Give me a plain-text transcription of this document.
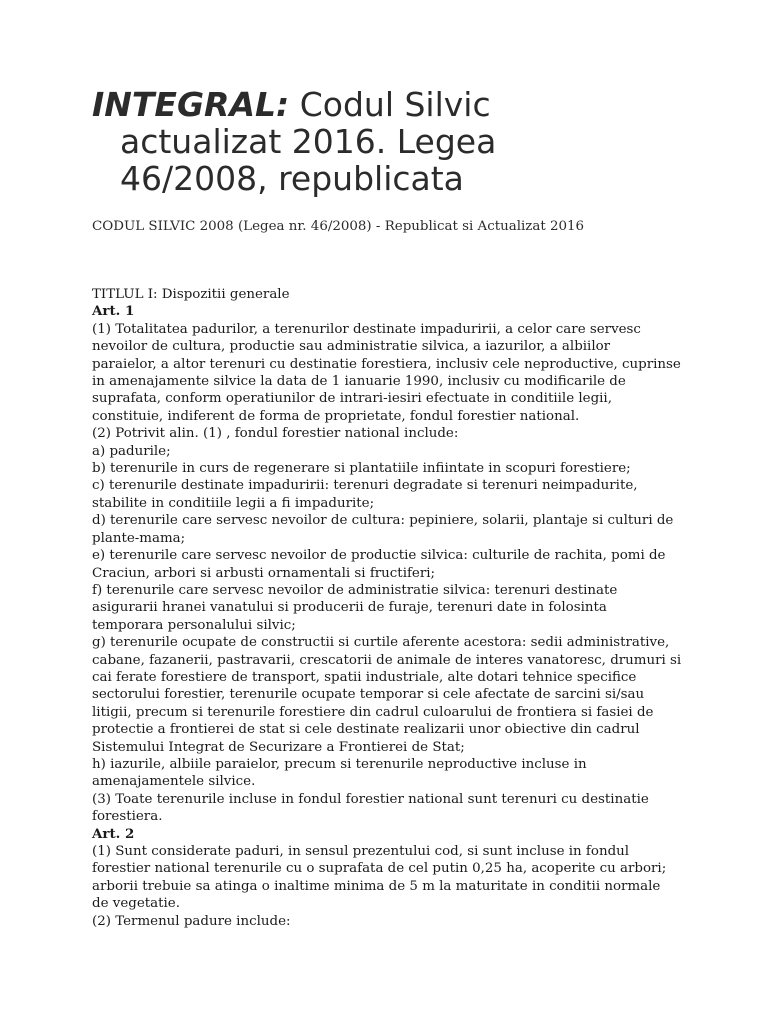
INTEGRAL: Codul Silvic actualizat 2016. Legea 46/2008, republicata

CODUL SILVIC 2008 (Legea nr. 46/2008) - Republicat si Actualizat 2016

TITLUL I: Dispozitii generale
Art. 1
(1) Totalitatea padurilor, a terenurilor destinate impaduririi, a celor care servesc
nevoilor de cultura, productie sau administratie silvica, a iazurilor, a albiilor
paraielor, a altor terenuri cu destinatie forestiera, inclusiv cele neproductive, cuprinse
in amenajamente silvice la data de 1 ianuarie 1990, inclusiv cu modificarile de
suprafata, conform operatiunilor de intrari-iesiri efectuate in conditiile legii,
constituie, indiferent de forma de proprietate, fondul forestier national.
(2) Potrivit alin. (1) , fondul forestier national include:
a) padurile;
b) terenurile in curs de regenerare si plantatiile infiintate in scopuri forestiere;
c) terenurile destinate impaduririi: terenuri degradate si terenuri neimpadurite,
stabilite in conditiile legii a fi impadurite;
d) terenurile care servesc nevoilor de cultura: pepiniere, solarii, plantaje si culturi de
plante-mama;
e) terenurile care servesc nevoilor de productie silvica: culturile de rachita, pomi de
Craciun, arbori si arbusti ornamentali si fructiferi;
f) terenurile care servesc nevoilor de administratie silvica: terenuri destinate
asigurarii hranei vanatului si producerii de furaje, terenuri date in folosinta
temporara personalului silvic;
g) terenurile ocupate de constructii si curtile aferente acestora: sedii administrative,
cabane, fazanerii, pastravarii, crescatorii de animale de interes vanatoresc, drumuri si
cai ferate forestiere de transport, spatii industriale, alte dotari tehnice specifice
sectorului forestier, terenurile ocupate temporar si cele afectate de sarcini si/sau
litigii, precum si terenurile forestiere din cadrul culoarului de frontiera si fasiei de
protectie a frontierei de stat si cele destinate realizarii unor obiective din cadrul
Sistemului Integrat de Securizare a Frontierei de Stat;
h) iazurile, albiile paraielor, precum si terenurile neproductive incluse in
amenajamentele silvice.
(3) Toate terenurile incluse in fondul forestier national sunt terenuri cu destinatie
forestiera.
Art. 2
(1) Sunt considerate paduri, in sensul prezentului cod, si sunt incluse in fondul
forestier national terenurile cu o suprafata de cel putin 0,25 ha, acoperite cu arbori;
arborii trebuie sa atinga o inaltime minima de 5 m la maturitate in conditii normale
de vegetatie.
(2) Termenul padure include:
